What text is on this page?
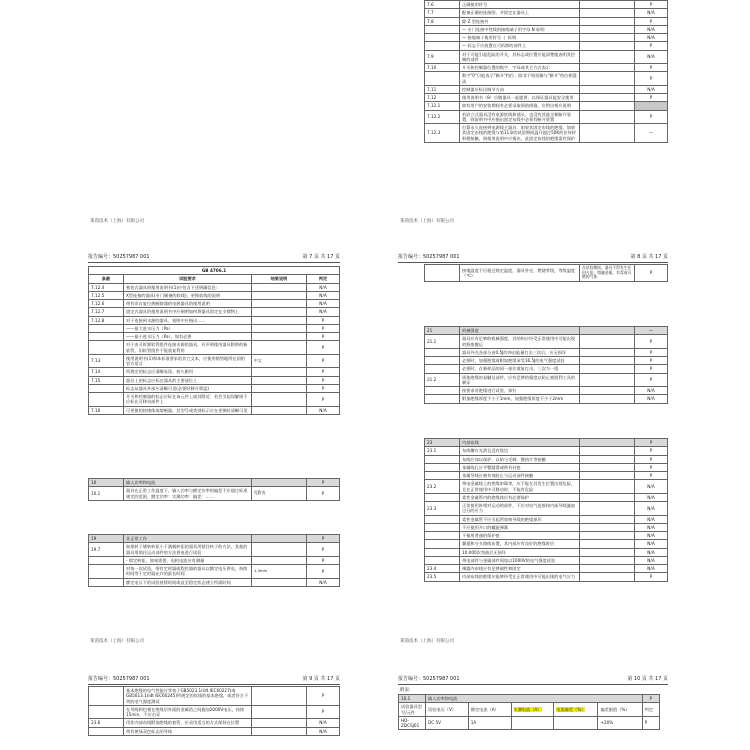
莱茵技术（上海）有限公司
7.6	正确使用符号		P
7.7	配备正确的连接图，并固定在器具上		N/A
7.8	除 Z 型连接外		P
	— 专门连接中性线的接线端子用字母 N 标明		N/A
	— 接地端子使用符号 ⏚ 标明		N/A
	— 标志不应放置在可拆卸的部件上		P
7.9	对于可能引起危险的开关，其标志或位置应能清楚地表明其控制的部件		N/A
7.10	开关和控制器位置的数字、字母或其它方式表示		P
	数字"0"只能表示"断开"档位；除非不致误解与"断开"档位相混淆		P
7.11	控制器应标出调节方向		N/A
7.12	使用说明书（8）应随器具一起提供，以保证器具能安全使用		P
7.12.1	如有用户的安装期间有必要采取预防措施，应给出相应说明		
7.12.2	若驻立式器具没有电源软线和插头，也没有其他全极断开装置，则说明书中应指出固定布线中必须有断开装置		P
7.12.3	打算永久连接到电源线主器具：如果其固定布线的绝缘，如果其固定布线的绝缘与第11章的试验期间温升超过50K的任何材料相接触，则使用说明中应指出，此固定布线的绝缘需有保护		—
莱茵技术（上海）有限公司
报告编号：50257987 001	第 7 页 共 17 页
GB 4706.1			
条款	试验要求	结果说明	判定
7.12.4	独装式器具的使用说明书(1)应包含下述明确信息:		N/A
7.12.5	X型连接的器具(专门制备的软线)，更换软线的说明		N/A
7.12.6	带有非自复位热断路器的电热器具的使用说明		N/A
7.12.7	固定式器具的使用说明书中应阐明如何将器具固定在支撑物上		N/A
7.12.8	对于连接到水源的器具，说明中应指出……		P
	——最大进水压力（Pa）		P
	——最小进水压力（Pa），如有必要		P
	对于由可拆卸软管组件连接水源的器具，应声明使用器具附带的新软管，旧软管组件不能重复利用		P
7.13	使用说明书(1)和本标准要求的其它文本，应使用销售地所在国的官方语言	中文	P
7.14	所规定的标志应清晰易读、持久耐用		P
7.15	器具上的标志应标在器具的主要部位上		P
	标志从器具外部应清晰可见(必要时移开罩盖)		P
	开关和控制器的标志应标在该元件上或其附近：若会引起误解则不应标在可移动部件上		P
7.16	可更换的热熔体或熔断器，其型号或类别标示应在更换时清晰可见		N/A
10	输入功率和电流		P
10.1	器具在正常工作温度下，输入功率与额定功率的偏差不应超过标准规定的范围，额定功率：实测功率：偏差：……	见附表	P
19	非正常工作		P
19.7	如果转子堵转转矩小于满载转矩的器具用锁住转子的方法，其他的器具用锁住运动部件的方法供电进行试验		P
	- 锁定转矩，如果需要，电机电流应有测量		P
	对每一次试验，带有定时器或程控器的器具以额定电压供电，持续时间等于定时器允许的最长时间	1.3min	P
	额定电压下的试验持续时间或直至稳定状态建立所需时间		N/A
莱茵技术（上海）有限公司
报告编号：50257987 001	第 8 页 共 17 页
	接地温度不应超过规定温度，器具外壳，燃烧等级，等级温度（℃）：	在试验期间，器具不得发生任何火焰，熔融金属，有毒或可燃的气体	P
21	机械强度		—
21.1	器具应有足够的机械强度，其结构应经受正常使用中可能出现的野蛮搬运		P
	器具外壳各部分由0.5J的冲击能量打击三次后，应无损坏		P
	必要时，加强绝缘或附加绝缘承受16.5J的电气强度试验		P
	必要时，在新样品的同一部位重复打击，三次为一组		P
21.2	固体绝缘的易触及部件，应有足够的强度以防止被锐利工具的刺穿		P
	按要求对绝缘进行试验，探针		N/A
	附加绝缘厚度不小于1mm，加强绝缘厚度不少于2mm		N/A
23	内部布线		P
23.1	布线槽应光滑且没有锐边		P
	布线应加以保护，以防与毛刺、散热片等接触		P
	金属线孔应平整圆滑或带有衬套		P
	金属导线应被有效防止与运动部件接触		P
23.2	带电金属线上的绝缘串珠等，应不能在其发生位置出现危险，且在正常使用中可移动时，不能有危险		N/A
	柔性金属管内的绝缘体应有必要保护		N/A
23.3	正常使用时相对运动的部件，不应对电气连接和内部导线施加过分的应力		N/A
	柔性金属管不应引起所容纳导线的绝缘损坏		N/A
	不应使用开口的螺旋弹簧		N/A
	不使用普通的保护套		N/A
	翼翅和分支路线布置，其内部应有良好的绝缘时层		N/A
	10,000次弯曲后无损坏		N/A
	带电部件与金属部件间加以1000V的电气强度试验		N/A
23.4	裸露内布线应有足够刚性和固定		N/A
23.5	内部布线的绝缘应能够经受在正常使用中可能出现的电气应力		P
莱茵技术（上海）有限公司
报告编号：50257987 001	第 9 页 共 17 页
	基本绝缘的电气性能应等效于GB5023.1(idt IEC60227)或GB5013.1(idt IEC60245)所规定的软线的基本绝缘，或者符合下列的电气强度测试		P
	在导线和包裹在绝缘层外面的金属箔之间施加2000V电压，持续15min，不应击穿		P
23.6	用作内部布线附加绝缘的套管，应采用适当的方式保持在位置		N/A
	带有黄绿双色标志的导线		N/A
报告编号：50257987 001	第 10 页 共 17 页
附表：
10.1	输入功率和电流					P
试验器具型号/元件	试验电压（V）	额定电流（A）	实测电流（A）	电流偏差（%）	偏差限值（%）	判定
HD-ZDCSJ01	DC 5V	1A			+20%	P
